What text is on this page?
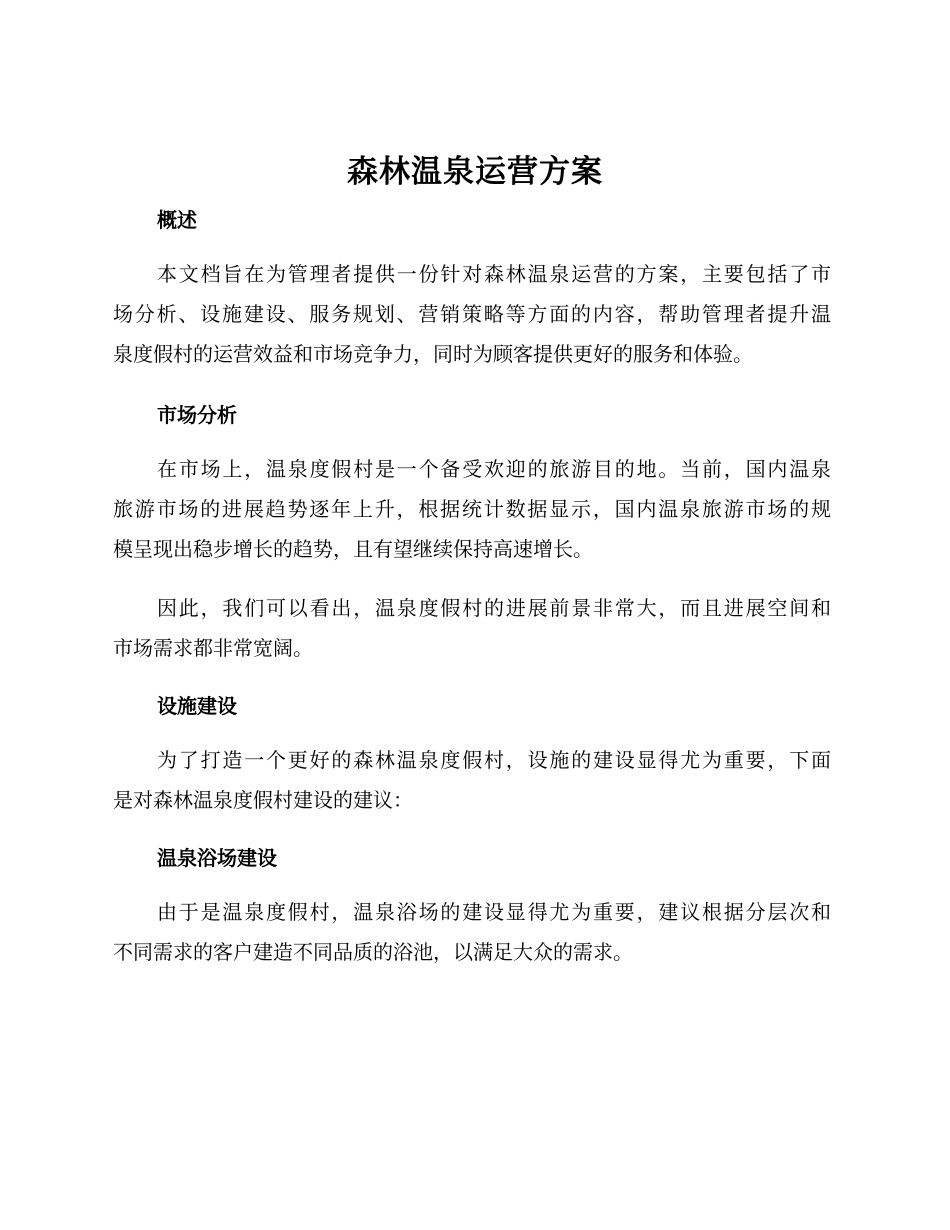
森林温泉运营方案
概述
本文档旨在为管理者提供一份针对森林温泉运营的方案，主要包括了市
场分析、设施建设、服务规划、营销策略等方面的内容，帮助管理者提升温
泉度假村的运营效益和市场竞争力，同时为顾客提供更好的服务和体验。
市场分析
在市场上，温泉度假村是一个备受欢迎的旅游目的地。当前，国内温泉
旅游市场的进展趋势逐年上升，根据统计数据显示，国内温泉旅游市场的规
模呈现出稳步增长的趋势，且有望继续保持高速增长。
因此，我们可以看出，温泉度假村的进展前景非常大，而且进展空间和
市场需求都非常宽阔。
设施建设
为了打造一个更好的森林温泉度假村，设施的建设显得尤为重要，下面
是对森林温泉度假村建设的建议：
温泉浴场建设
由于是温泉度假村，温泉浴场的建设显得尤为重要，建议根据分层次和
不同需求的客户建造不同品质的浴池，以满足大众的需求。
